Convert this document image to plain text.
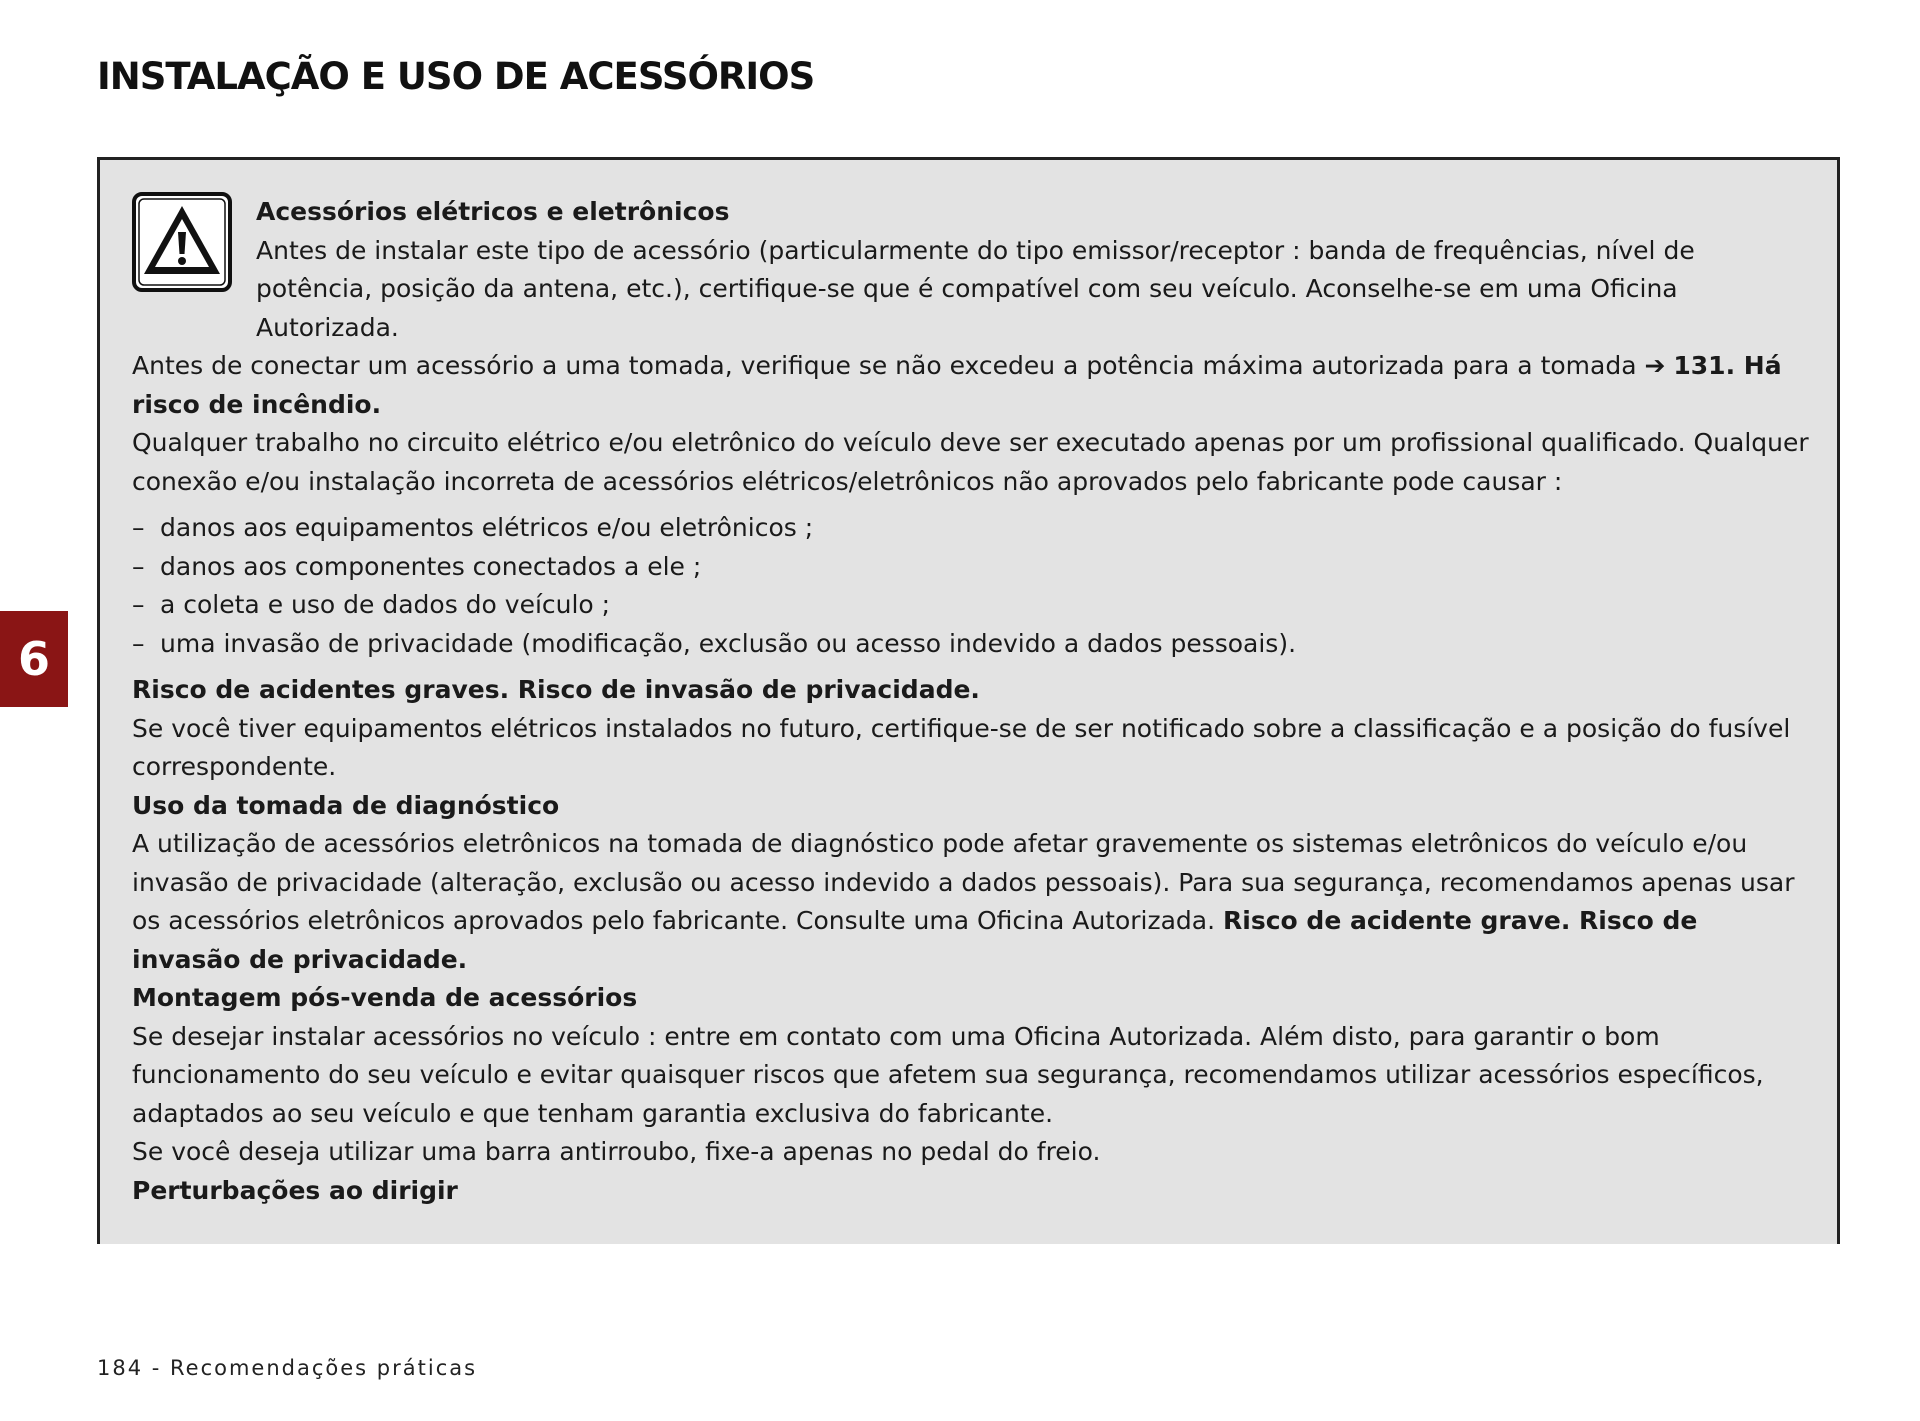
INSTALAÇÃO E USO DE ACESSÓRIOS
6

Acessórios elétricos e eletrônicos

Antes de instalar este tipo de acessório (particularmente do tipo emissor/receptor : banda de frequências, nível de potência, posição da antena, etc.), certifique-se que é compatível com seu veículo. Aconselhe-se em uma Oficina Autorizada.

Antes de conectar um acessório a uma tomada, verifique se não excedeu a potência máxima autorizada para a tomada ➔ 131. Há risco de incêndio.

Qualquer trabalho no circuito elétrico e/ou eletrônico do veículo deve ser executado apenas por um profissional qualificado. Qualquer conexão e/ou instalação incorreta de acessórios elétricos/eletrônicos não aprovados pelo fabricante pode causar :

– danos aos equipamentos elétricos e/ou eletrônicos ;
– danos aos componentes conectados a ele ;
– a coleta e uso de dados do veículo ;
– uma invasão de privacidade (modificação, exclusão ou acesso indevido a dados pessoais).

Risco de acidentes graves. Risco de invasão de privacidade.

Se você tiver equipamentos elétricos instalados no futuro, certifique-se de ser notificado sobre a classificação e a posição do fusível correspondente.

Uso da tomada de diagnóstico

A utilização de acessórios eletrônicos na tomada de diagnóstico pode afetar gravemente os sistemas eletrônicos do veículo e/ou invasão de privacidade (alteração, exclusão ou acesso indevido a dados pessoais). Para sua segurança, recomendamos apenas usar os acessórios eletrônicos aprovados pelo fabricante. Consulte uma Oficina Autorizada. Risco de acidente grave. Risco de invasão de privacidade.

Montagem pós-venda de acessórios

Se desejar instalar acessórios no veículo : entre em contato com uma Oficina Autorizada. Além disto, para garantir o bom funcionamento do seu veículo e evitar quaisquer riscos que afetem sua segurança, recomendamos utilizar acessórios específicos, adaptados ao seu veículo e que tenham garantia exclusiva do fabricante.

Se você deseja utilizar uma barra antirroubo, fixe-a apenas no pedal do freio.

Perturbações ao dirigir

184 - Recomendações práticas
